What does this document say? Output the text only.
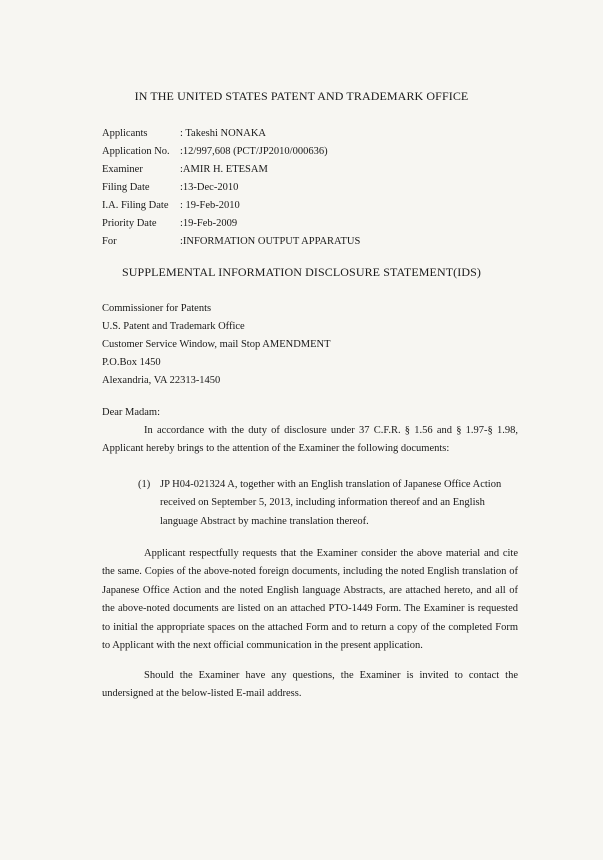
IN THE UNITED STATES PATENT AND TRADEMARK OFFICE
Applicants	: Takeshi NONAKA
Application No. :12/997,608 (PCT/JP2010/000636)
Examiner	:AMIR H. ETESAM
Filing Date	:13-Dec-2010
I.A. Filing Date : 19-Feb-2010
Priority Date :19-Feb-2009
For	:INFORMATION OUTPUT APPARATUS
SUPPLEMENTAL INFORMATION DISCLOSURE STATEMENT(IDS)
Commissioner for Patents
U.S. Patent and Trademark Office
Customer Service Window, mail Stop AMENDMENT
P.O.Box 1450
Alexandria, VA 22313-1450
Dear Madam:

In accordance with the duty of disclosure under 37 C.F.R. § 1.56 and § 1.97-§ 1.98, Applicant hereby brings to the attention of the Examiner the following documents:

(1) JP H04-021324 A, together with an English translation of Japanese Office Action received on September 5, 2013, including information thereof and an English language Abstract by machine translation thereof.

Applicant respectfully requests that the Examiner consider the above material and cite the same. Copies of the above-noted foreign documents, including the noted English translation of Japanese Office Action and the noted English language Abstracts, are attached hereto, and all of the above-noted documents are listed on an attached PTO-1449 Form. The Examiner is requested to initial the appropriate spaces on the attached Form and to return a copy of the completed Form to Applicant with the next official communication in the present application.

Should the Examiner have any questions, the Examiner is invited to contact the undersigned at the below-listed E-mail address.
